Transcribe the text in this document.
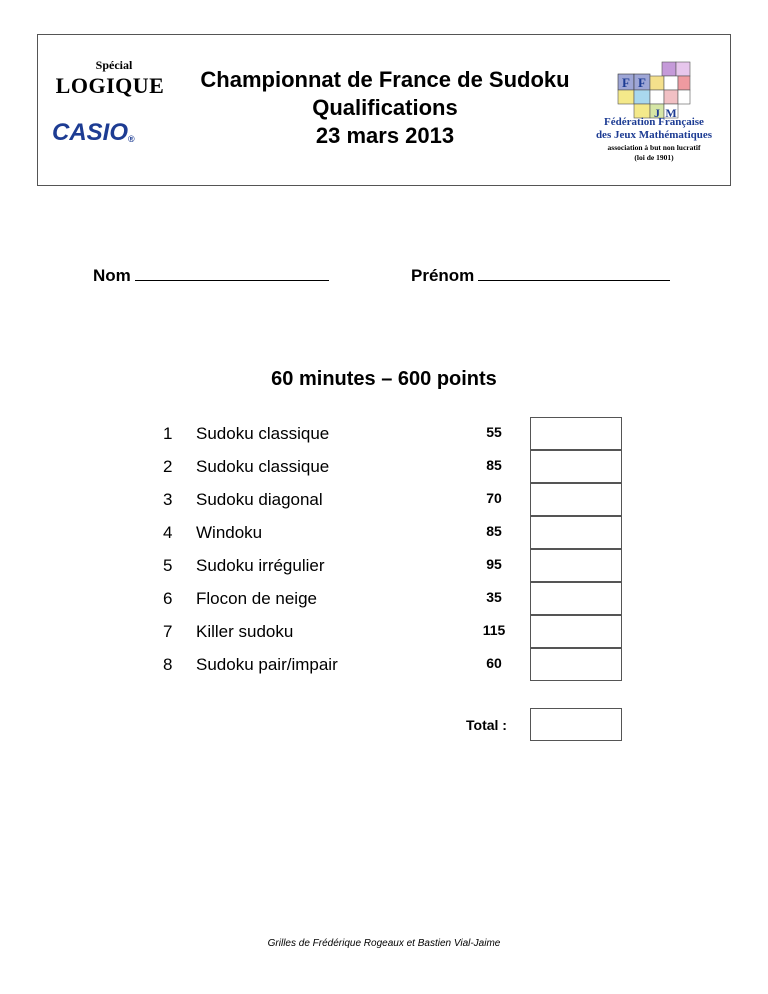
Spécial
LOGIQUE
CASIO®
Championnat de France de Sudoku
Qualifications
23 mars 2013
F F
J M
Fédération Française
des Jeux Mathématiques
association à but non lucratif
(loi de 1901)
Nom	Prénom
60 minutes – 600 points
1 Sudoku classique	55
2 Sudoku classique	85
3 Sudoku diagonal	70
4 Windoku	85
5 Sudoku irrégulier	95
6 Flocon de neige	35
7 Killer sudoku	115
8 Sudoku pair/impair	60
Total :
Grilles de Frédérique Rogeaux et Bastien Vial-Jaime
